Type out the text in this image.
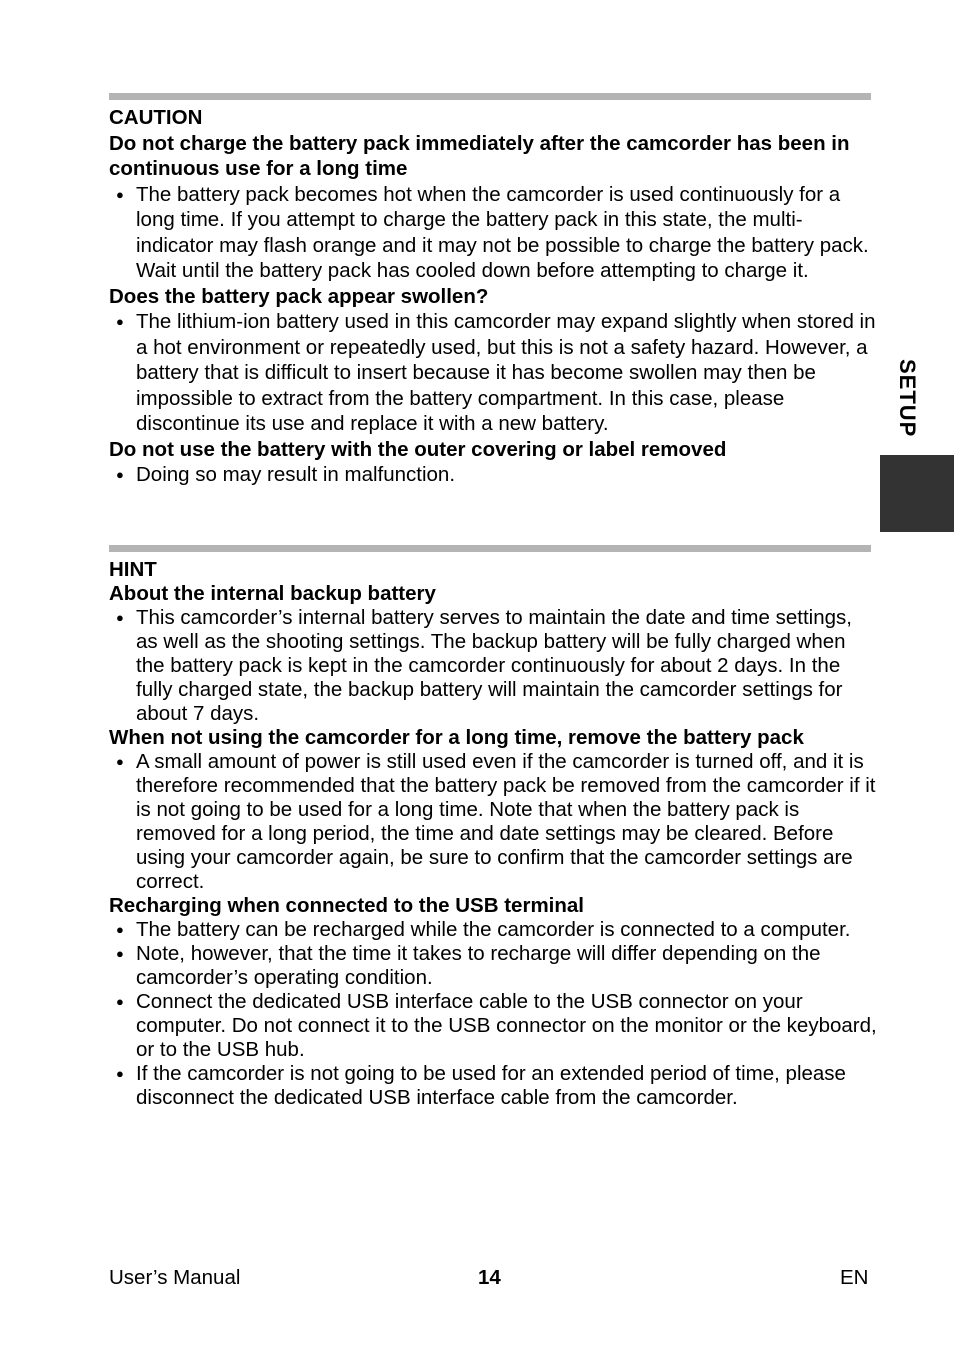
CAUTION
Do not charge the battery pack immediately after the camcorder has been in continuous use for a long time
● The battery pack becomes hot when the camcorder is used continuously for a long time. If you attempt to charge the battery pack in this state, the multi-indicator may flash orange and it may not be possible to charge the battery pack. Wait until the battery pack has cooled down before attempting to charge it.
Does the battery pack appear swollen?
● The lithium-ion battery used in this camcorder may expand slightly when stored in a hot environment or repeatedly used, but this is not a safety hazard. However, a battery that is difficult to insert because it has become swollen may then be impossible to extract from the battery compartment. In this case, please discontinue its use and replace it with a new battery.
Do not use the battery with the outer covering or label removed
● Doing so may result in malfunction.
HINT
About the internal backup battery
● This camcorder’s internal battery serves to maintain the date and time settings, as well as the shooting settings. The backup battery will be fully charged when the battery pack is kept in the camcorder continuously for about 2 days. In the fully charged state, the backup battery will maintain the camcorder settings for about 7 days.
When not using the camcorder for a long time, remove the battery pack
● A small amount of power is still used even if the camcorder is turned off, and it is therefore recommended that the battery pack be removed from the camcorder if it is not going to be used for a long time. Note that when the battery pack is removed for a long period, the time and date settings may be cleared. Before using your camcorder again, be sure to confirm that the camcorder settings are correct.
Recharging when connected to the USB terminal
● The battery can be recharged while the camcorder is connected to a computer.
● Note, however, that the time it takes to recharge will differ depending on the camcorder’s operating condition.
● Connect the dedicated USB interface cable to the USB connector on your computer. Do not connect it to the USB connector on the monitor or the keyboard, or to the USB hub.
● If the camcorder is not going to be used for an extended period of time, please disconnect the dedicated USB interface cable from the camcorder.
SETUP
User’s Manual	14	EN
